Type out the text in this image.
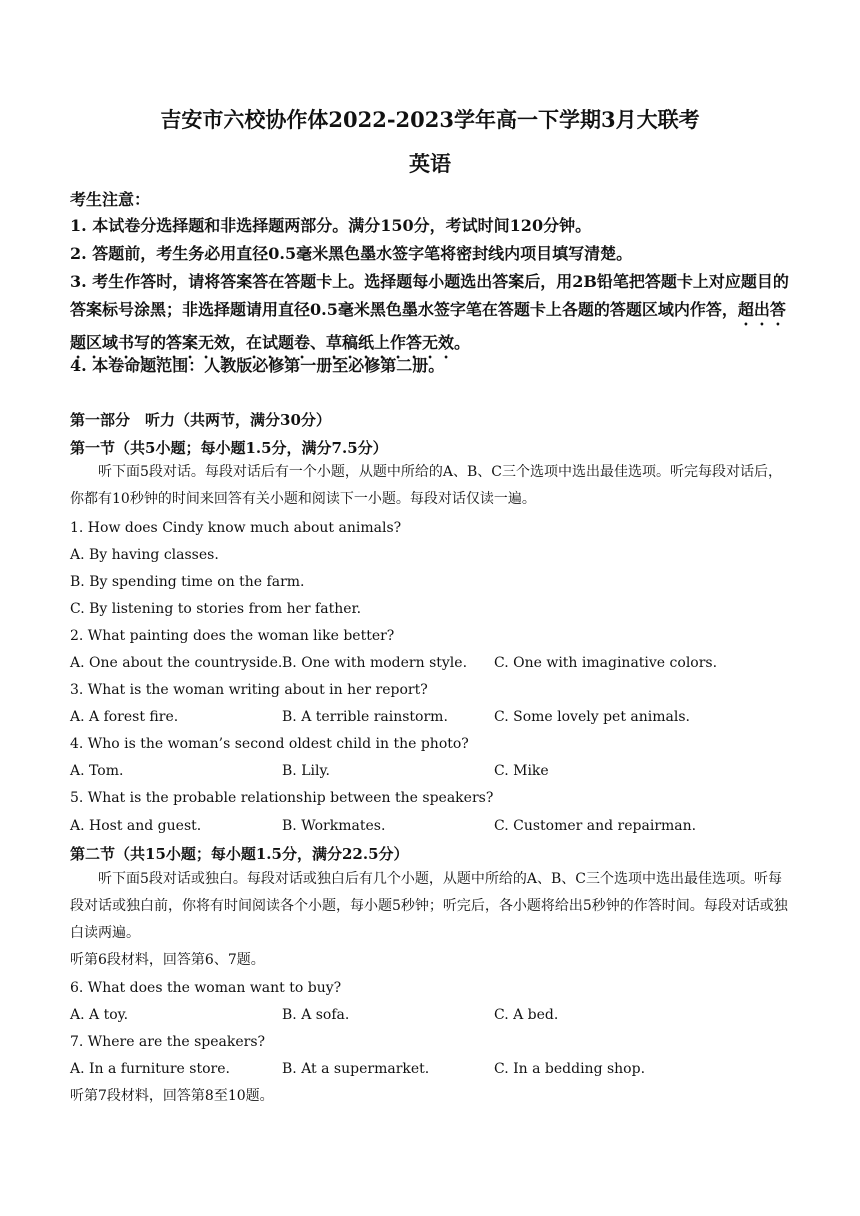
吉安市六校协作体2022-2023学年高一下学期3月大联考
英语
考生注意：
1. 本试卷分选择题和非选择题两部分。满分150分，考试时间120分钟。
2. 答题前，考生务必用直径0.5毫米黑色墨水签字笔将密封线内项目填写清楚。
3. 考生作答时，请将答案答在答题卡上。选择题每小题选出答案后，用2B铅笔把答题卡上对应题目的答案标号涂黑；非选择题请用直径0.5毫米黑色墨水签字笔在答题卡上各题的答题区域内作答，超出答题区域书写的答案无效，在试题卷、草稿纸上作答无效。
4. 本卷命题范围：人教版必修第一册至必修第二册。
第一部分　听力（共两节，满分30分）
第一节（共5小题；每小题1.5分，满分7.5分）
听下面5段对话。每段对话后有一个小题，从题中所给的A、B、C三个选项中选出最佳选项。听完每段对话后，你都有10秒钟的时间来回答有关小题和阅读下一小题。每段对话仅读一遍。
1. How does Cindy know much about animals?
A. By having classes.
B. By spending time on the farm.
C. By listening to stories from her father.
2. What painting does the woman like better?
A. One about the countryside. B. One with modern style. C. One with imaginative colors.
3. What is the woman writing about in her report?
A. A forest fire.	B. A terrible rainstorm.	C. Some lovely pet animals.
4. Who is the woman’s second oldest child in the photo?
A. Tom.	B. Lily.	C. Mike
5. What is the probable relationship between the speakers?
A. Host and guest.	B. Workmates.	C. Customer and repairman.
第二节（共15小题；每小题1.5分，满分22.5分）
听下面5段对话或独白。每段对话或独白后有几个小题，从题中所给的A、B、C三个选项中选出最佳选项。听每段对话或独白前，你将有时间阅读各个小题，每小题5秒钟；听完后，各小题将给出5秒钟的作答时间。每段对话或独白读两遍。
听第6段材料，回答第6、7题。
6. What does the woman want to buy?
A. A toy.	B. A sofa.	C. A bed.
7. Where are the speakers?
A. In a furniture store.	B. At a supermarket.	C. In a bedding shop.
听第7段材料，回答第8至10题。
